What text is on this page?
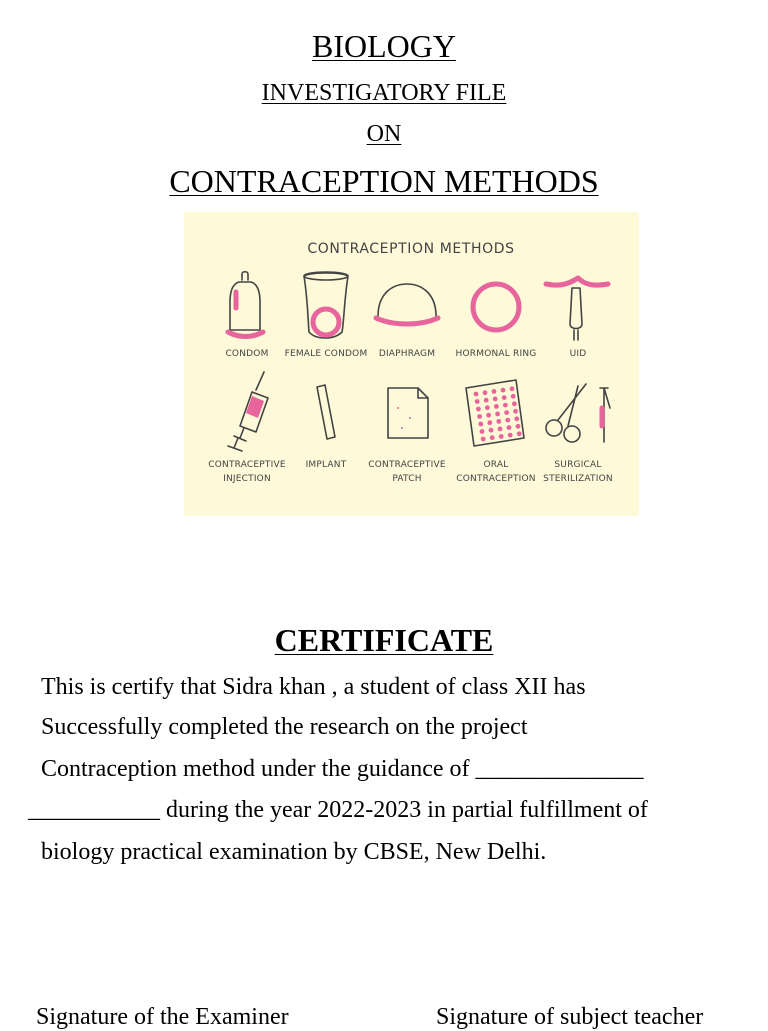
BIOLOGY
INVESTIGATORY FILE
ON
CONTRACEPTION METHODS
CONTRACEPTION METHODS
CONDOM FEMALE CONDOM DIAPHRAGM HORMONAL RING	UID
CONTRACEPTIVE
INJECTION
IMPLANT CONTRACEPTIVE
PATCH
ORAL
CONTRACEPTION
SURGICAL
STERILIZATION
CERTIFICATE
This is certify that Sidra khan , a student of class XII has
Successfully completed the research on the project
Contraception method under the guidance of ______________
___________ during the year 2022-2023 in partial fulfillment of
biology practical examination by CBSE, New Delhi.
Signature of the Examiner	Signature of subject teacher
